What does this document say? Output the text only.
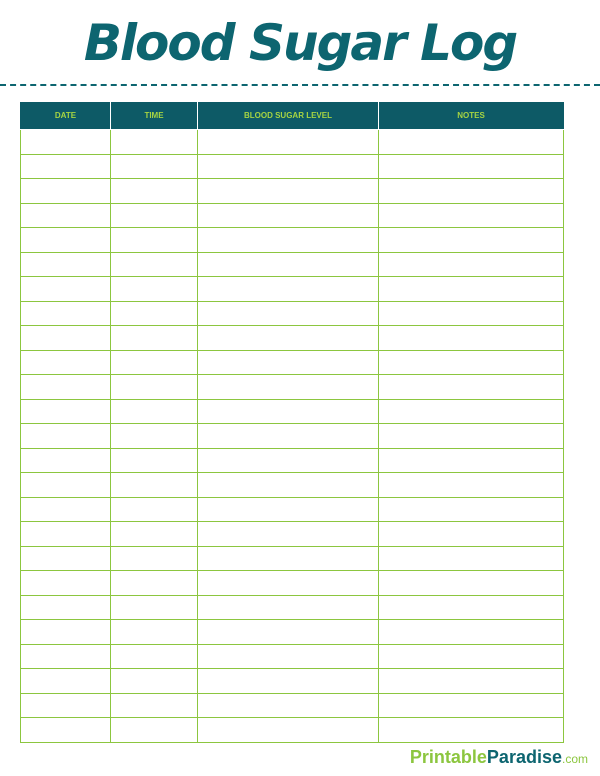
Blood Sugar Log
DATE	TIME	BLOOD SUGAR LEVEL	NOTES

PrintableParadise.com
